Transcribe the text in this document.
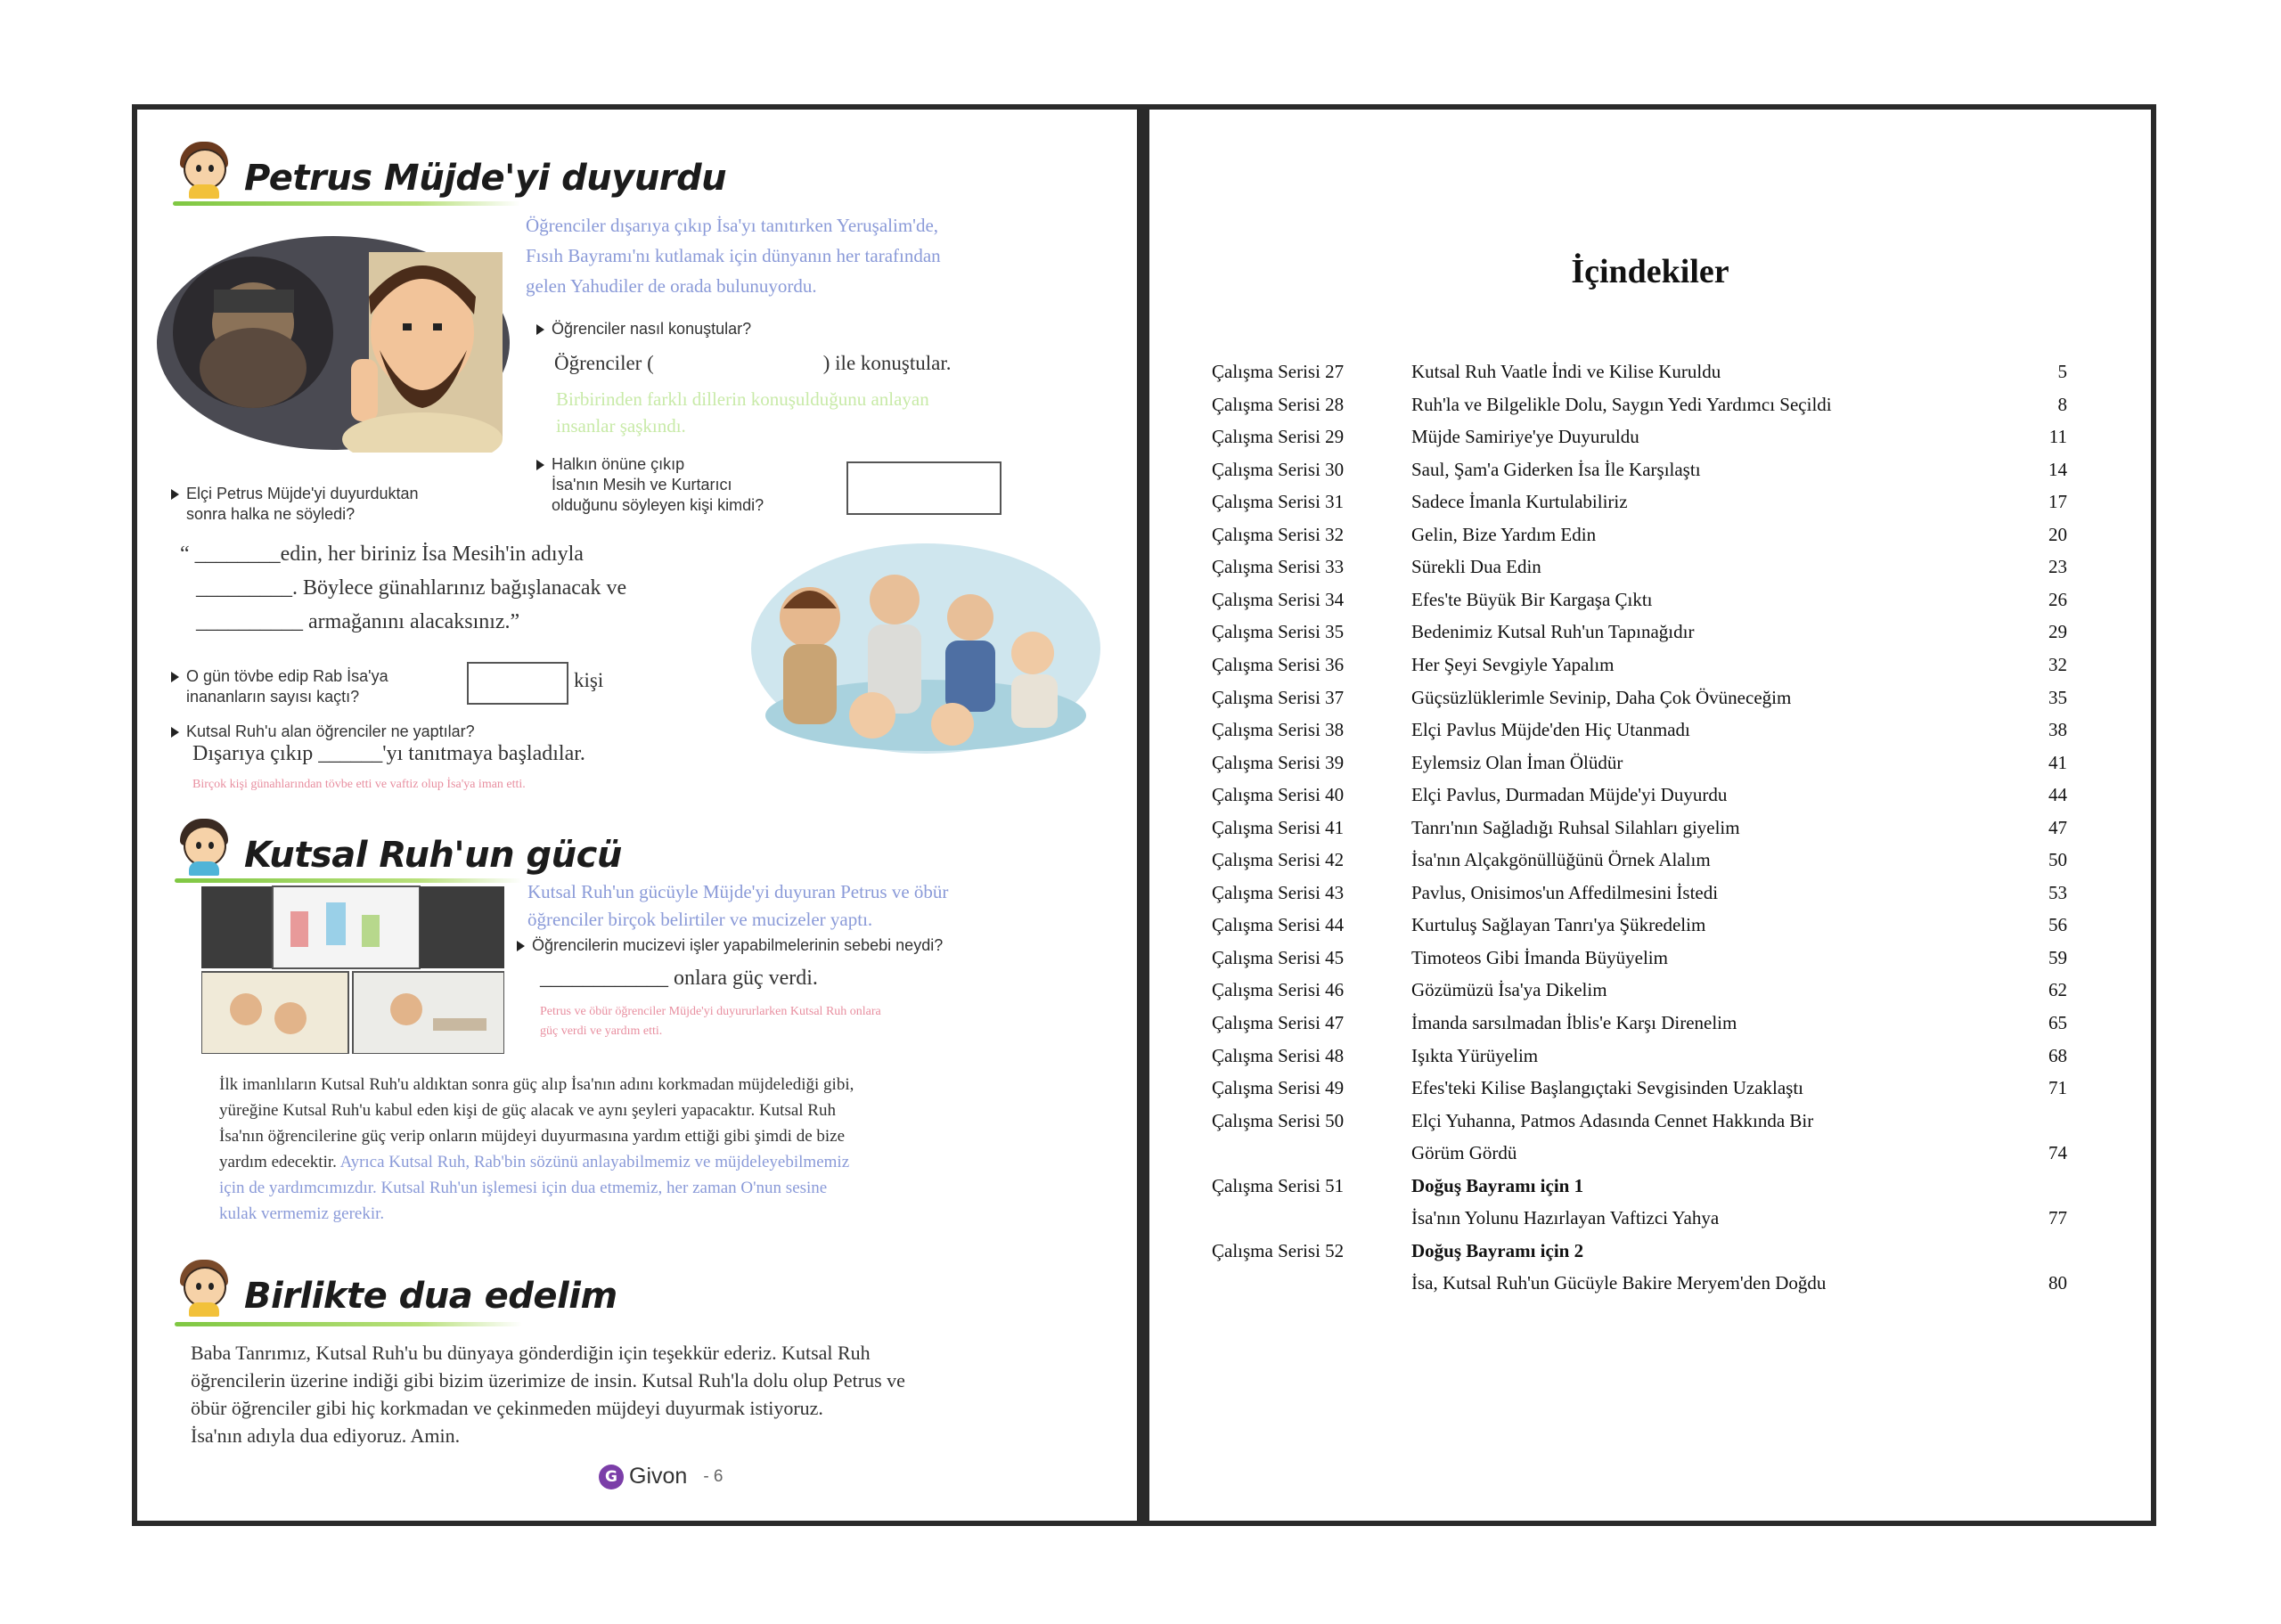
Petrus Müjde'yi duyurdu
Öğrenciler dışarıya çıkıp İsa'yı tanıtırken Yeruşalim'de,
Fısıh Bayramı'nı kutlamak için dünyanın her tarafından
gelen Yahudiler de orada bulunuyordu.
Öğrenciler nasıl konuştular?
Öğrenciler (	) ile konuştular.
Birbirinden farklı dillerin konuşulduğunu anlayan
insanlar şaşkındı.
Halkın önüne çıkıp
İsa'nın Mesih ve Kurtarıcı
olduğunu söyleyen kişi kimdi?
Elçi Petrus Müjde'yi duyurduktan
sonra halka ne söyledi?
“ ________edin, her biriniz İsa Mesih'in adıyla
_________. Böylece günahlarınız bağışlanacak ve
__________ armağanını alacaksınız.”
O gün tövbe edip Rab İsa'ya
inananların sayısı kaçtı?
kişi
Kutsal Ruh'u alan öğrenciler ne yaptılar?
Dışarıya çıkıp ______'yı tanıtmaya başladılar.
Birçok kişi günahlarından tövbe etti ve vaftiz olup İsa'ya iman etti.
Kutsal Ruh'un gücü
Kutsal Ruh'un gücüyle Müjde'yi duyuran Petrus ve öbür
öğrenciler birçok belirtiler ve mucizeler yaptı.
Öğrencilerin mucizevi işler yapabilmelerinin sebebi neydi?
____________ onlara güç verdi.
Petrus ve öbür öğrenciler Müjde'yi duyururlarken Kutsal Ruh onlara
güç verdi ve yardım etti.
İlk imanlıların Kutsal Ruh'u aldıktan sonra güç alıp İsa'nın adını korkmadan müjdelediği gibi,
yüreğine Kutsal Ruh'u kabul eden kişi de güç alacak ve aynı şeyleri yapacaktır. Kutsal Ruh
İsa'nın öğrencilerine güç verip onların müjdeyi duyurmasına yardım ettiği gibi şimdi de bize
yardım edecektir. Ayrıca Kutsal Ruh, Rab'bin sözünü anlayabilmemiz ve müjdeleyebilmemiz
için de yardımcımızdır. Kutsal Ruh'un işlemesi için dua etmemiz, her zaman O'nun sesine
kulak vermemiz gerekir.
Birlikte dua edelim
Baba Tanrımız, Kutsal Ruh'u bu dünyaya gönderdiğin için teşekkür ederiz. Kutsal Ruh
öğrencilerin üzerine indiği gibi bizim üzerimize de insin. Kutsal Ruh'la dolu olup Petrus ve
öbür öğrenciler gibi hiç korkmadan ve çekinmeden müjdeyi duyurmak istiyoruz.
İsa'nın adıyla dua ediyoruz. Amin.
G Givon - 6
İçindekiler
Çalışma Serisi 27	Kutsal Ruh Vaatle İndi ve Kilise Kuruldu	5
Çalışma Serisi 28	Ruh'la ve Bilgelikle Dolu, Saygın Yedi Yardımcı Seçildi	8
Çalışma Serisi 29	Müjde Samiriye'ye Duyuruldu	11
Çalışma Serisi 30	Saul, Şam'a Giderken İsa İle Karşılaştı	14
Çalışma Serisi 31	Sadece İmanla Kurtulabiliriz	17
Çalışma Serisi 32	Gelin, Bize Yardım Edin	20
Çalışma Serisi 33	Sürekli Dua Edin	23
Çalışma Serisi 34	Efes'te Büyük Bir Kargaşa Çıktı	26
Çalışma Serisi 35	Bedenimiz Kutsal Ruh'un Tapınağıdır	29
Çalışma Serisi 36	Her Şeyi Sevgiyle Yapalım	32
Çalışma Serisi 37	Güçsüzlüklerimle Sevinip, Daha Çok Övüneceğim	35
Çalışma Serisi 38	Elçi Pavlus Müjde'den Hiç Utanmadı	38
Çalışma Serisi 39	Eylemsiz Olan İman Ölüdür	41
Çalışma Serisi 40	Elçi Pavlus, Durmadan Müjde'yi Duyurdu	44
Çalışma Serisi 41	Tanrı'nın Sağladığı Ruhsal Silahları giyelim	47
Çalışma Serisi 42	İsa'nın Alçakgönüllüğünü Örnek Alalım	50
Çalışma Serisi 43	Pavlus, Onisimos'un Affedilmesini İstedi	53
Çalışma Serisi 44	Kurtuluş Sağlayan Tanrı'ya Şükredelim	56
Çalışma Serisi 45	Timoteos Gibi İmanda Büyüyelim	59
Çalışma Serisi 46	Gözümüzü İsa'ya Dikelim	62
Çalışma Serisi 47	İmanda sarsılmadan İblis'e Karşı Direnelim	65
Çalışma Serisi 48	Işıkta Yürüyelim	68
Çalışma Serisi 49	Efes'teki Kilise Başlangıçtaki Sevgisinden Uzaklaştı	71
Çalışma Serisi 50	Elçi Yuhanna, Patmos Adasında Cennet Hakkında Bir
Görüm Gördü	74
Çalışma Serisi 51	Doğuş Bayramı için 1
İsa'nın Yolunu Hazırlayan Vaftizci Yahya	77
Çalışma Serisi 52	Doğuş Bayramı için 2
İsa, Kutsal Ruh'un Gücüyle Bakire Meryem'den Doğdu	80
